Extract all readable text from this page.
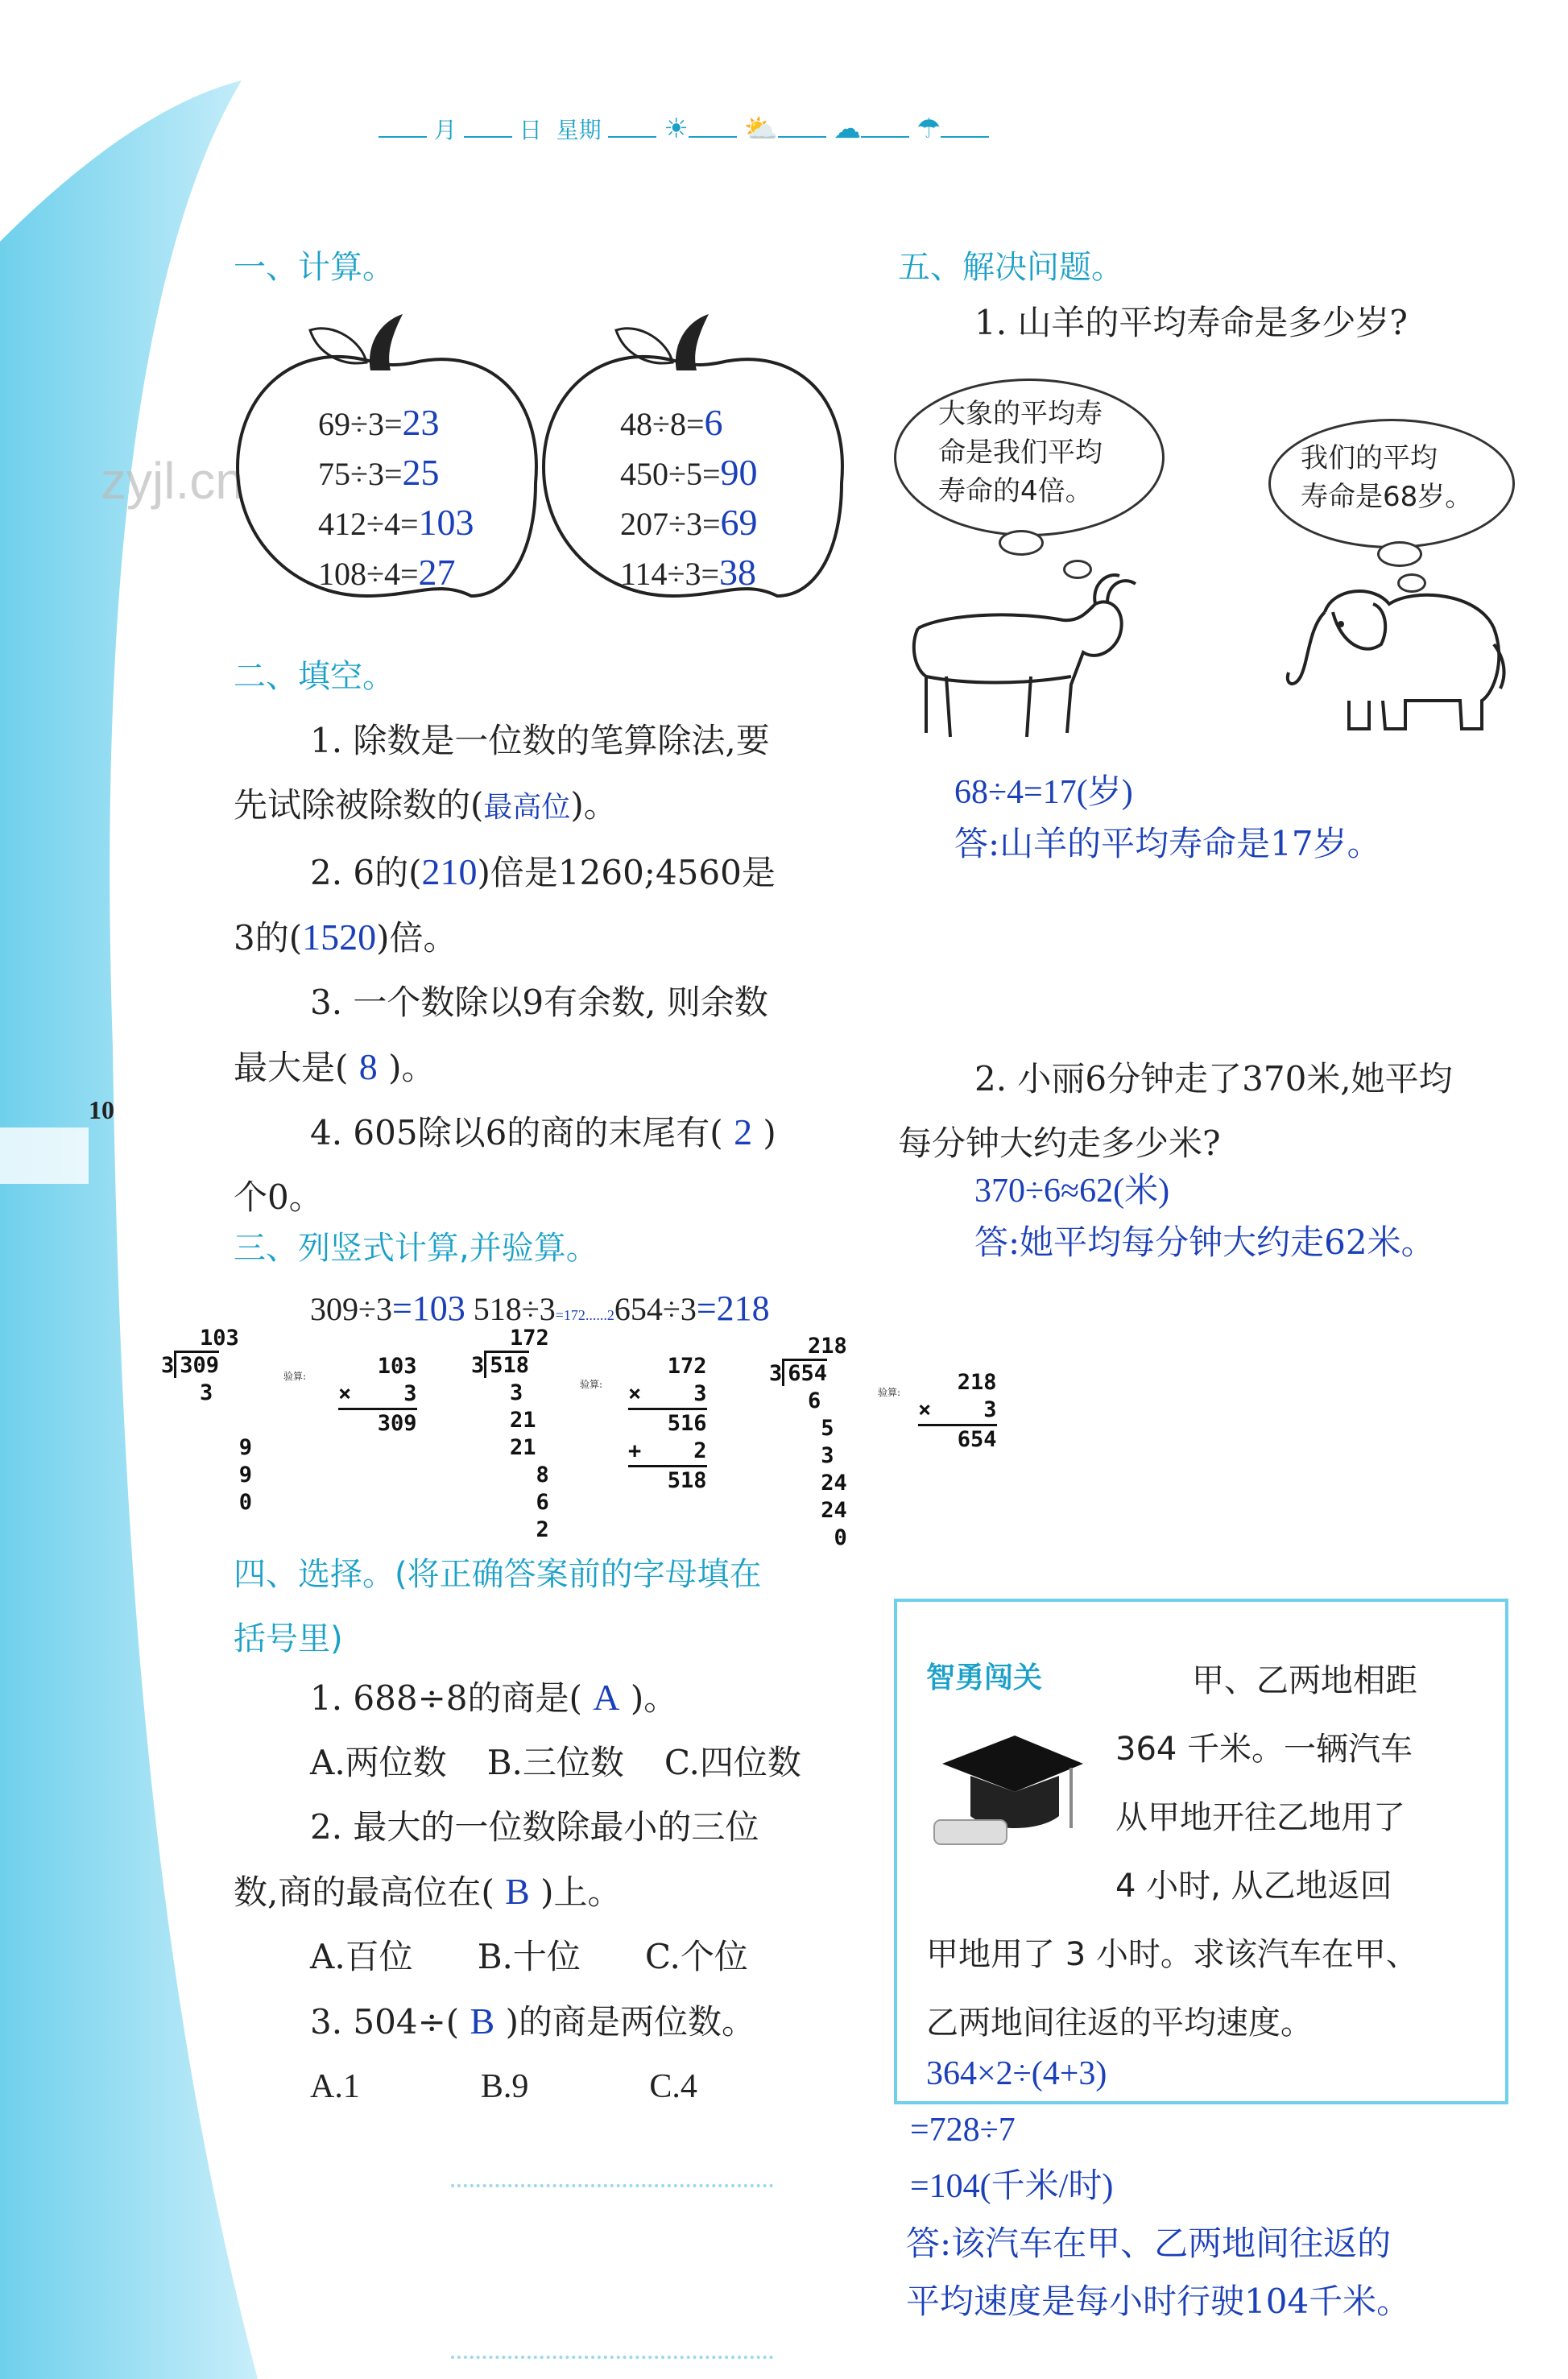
月	日 星期 ☀ ⛅ ☁ ☂
10
zyjl.cn
一、计算。
69÷3=23
75÷3=25
412÷4=103
108÷4=27
48÷8=6
450÷5=90
207÷3=69
114÷3=38
二、填空。
1. 除数是一位数的笔算除法,要
先试除被除数的(最高位)。
2. 6的(210)倍是1260;4560是
3的(1520)倍。
3. 一个数除以9有余数, 则余数
最大是( 8 )。
4. 605除以6的商的末尾有( 2 )
个0。
三、列竖式计算,并验算。
309÷3=103 518÷3=172......2654÷3=218
103
3 309
3

9
9
0
验算: 103
×    3
309
172
3 518
3
21
21
8
6
2
验算:
172
×    3
516
+    2
518
218
3 654
6
5
3
24
24
0
验算: 218
×    3
654
四、选择。(将正确答案前的字母填在
括号里)
1. 688÷8的商是( A )。
A.两位数 B.三位数 C.四位数
2. 最大的一位数除最小的三位
数,商的最高位在( B )上。
A.百位 B.十位 C.个位
3. 504÷( B )的商是两位数。
A.1	B.9	C.4
五、解决问题。
1. 山羊的平均寿命是多少岁?
大象的平均寿
命是我们平均
寿命的4倍。
我们的平均
寿命是68岁。
68÷4=17(岁)
答:山羊的平均寿命是17岁。
2. 小丽6分钟走了370米,她平均
每分钟大约走多少米?
370÷6≈62(米)
答:她平均每分钟大约走62米。
智勇闯关	甲、乙两地相距
364 千米。一辆汽车
从甲地开往乙地用了
4 小时, 从乙地返回
甲地用了 3 小时。求该汽车在甲、
乙两地间往返的平均速度。
364×2÷(4+3)
=728÷7
=104(千米/时)
答:该汽车在甲、乙两地间往返的
平均速度是每小时行驶104千米。
